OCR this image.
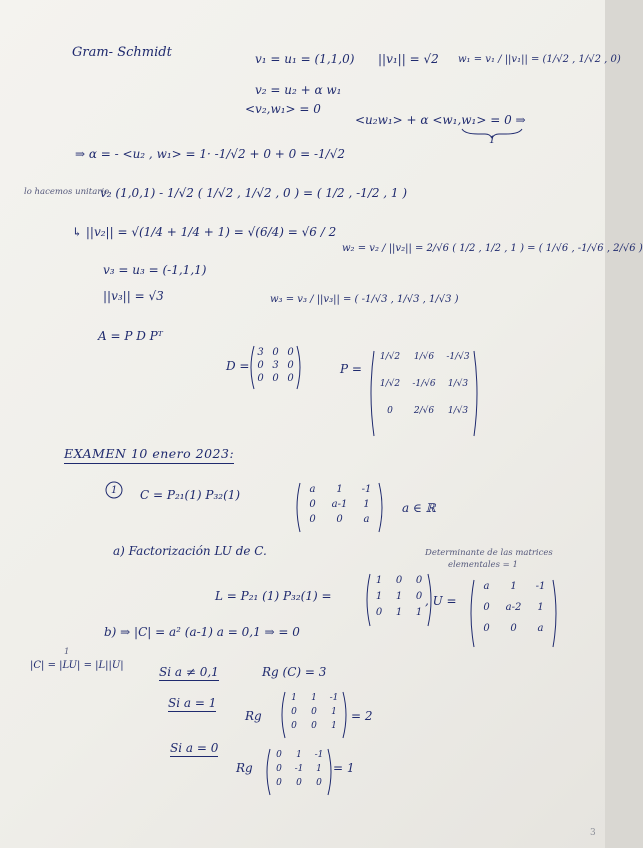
Gram- Schmidt	v₁ = u₁ = (1,1,0) ||v₁|| = √2 w₁ = v₁ / ||v₁|| = (1/√2 , 1/√2 , 0)
v₂ = u₂ + α w₁
<v₂,w₁> = 0
<u₂w₁> + α <w₁,w₁> = 0 ⇒
1
⇒ α = - <u₂ , w₁> = 1· -1/√2 + 0 + 0 = -1/√2
v₂ (1,0,1) - 1/√2 ( 1/√2 , 1/√2 , 0 ) = ( 1/2 , -1/2 , 1 )
lo hacemos unitario
↳ ||v₂|| = √(1/4 + 1/4 + 1) = √(6/4) = √6 / 2
w₂ = v₂ / ||v₂|| = 2/√6 ( 1/2 , 1/2 , 1 ) = ( 1/√6 , -1/√6 , 2/√6 )
v₃ = u₃ = (-1,1,1)
||v₃|| = √3	w₃ = v₃ / ||v₃|| = ( -1/√3 , 1/√3 , 1/√3 )
A = P D Pᵀ
D =	P =
EXAMEN 10 enero 2023:
1 C = P₂₁(1) P₃₂(1)
a ∈ ℝ
a) Factorización LU de C.	Determinante de las matrices
elementales = 1
L = P₂₁ (1) P₃₂(1) =	, U =
b) ⇒ |C| = a² (a-1) a = 0,1 ⇒ = 0
1
|C| = |LU| = |L||U|	Si a ≠ 0,1	Rg (C) = 3
Si a = 1
Rg	= 2
Si a = 0
Rg	= 1
3
3 0 0
0 3 0
0 0 0
1/√2	1/√6	-1/√3
1/√2	-1/√6	1/√3
0	2/√6	1/√3
a	1	-1
0	a-1	1
0	0	a
1	0	0
1	1	0
0	1	1
a	1	-1
0	a-2	1
0	0	a
1	1	-1
0	0	1
0	0	1
0	1	-1
0	-1	1
0	0	0
